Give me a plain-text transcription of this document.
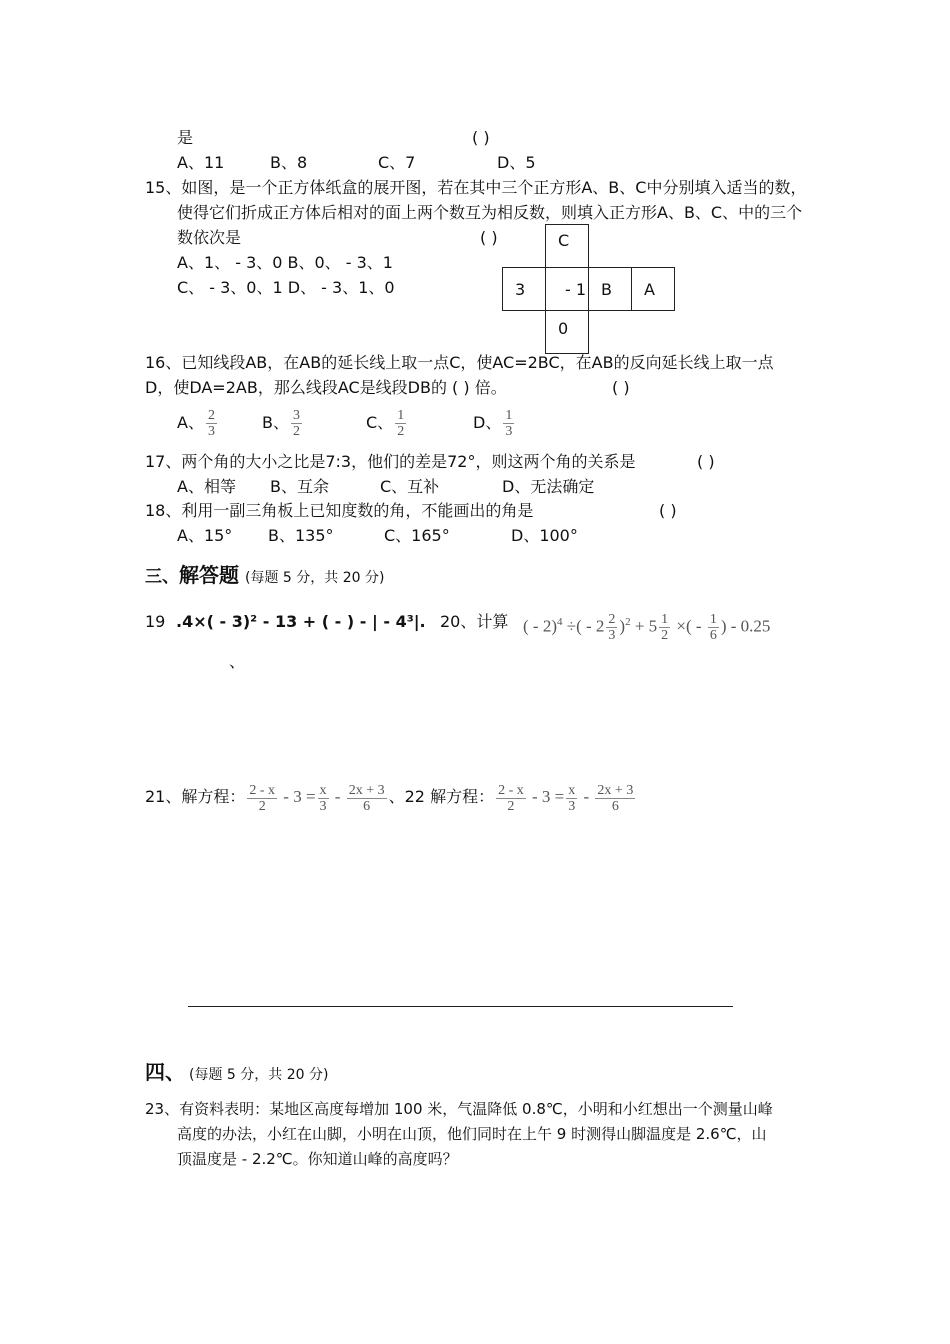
是	( )
A、11	B、8	C、7	D、5
15、如图，是一个正方体纸盒的展开图，若在其中三个正方形A、B、C中分别填入适当的数，
使得它们折成正方体后相对的面上两个数互为相反数，则填入正方形A、B、C、中的三个
数依次是	( )
A、1、 - 3、0 B、0、 - 3、1
C、 - 3、0、1 D、 - 3、1、0
C
3	- 1 B	A
0
16、已知线段AB，在AB的延长线上取一点C，使AC=2BC，在AB的反向延长线上取一点
D，使DA=2AB，那么线段AC是线段DB的 ( ) 倍。	( )
A、 $\frac{2}{3}$	B、 $\frac{3}{2}$	C、 $\frac{1}{2}$	D、 $\frac{1}{3}$
17、两个角的大小之比是7:3，他们的差是72°，则这两个角的关系是	( )
A、相等 B、互余	C、互补	D、无法确定
18、利用一副三角板上已知度数的角，不能画出的角是	( )
A、15° B、135°	C、165°	D、100°
三、解答题 (每题 5 分，共 20 分)
19 .4×( - 3)² - 13 + ( - ) - | - 4³|.
、
20、计算 ( - 2)$^4$ ÷( - $2 \frac{2}{3} )^2 + 5 \frac{1}{2}$ ×( - $\frac{1}{6}$ ) - 0.25
21、解方程： $\frac{2 - x}{2} - 3 = \frac{x}{3} - \frac{2x + 3}{6}$ 、22 解方程： $\frac{2 - x}{2} - 3 = \frac{x}{3} - \frac{2x + 3}{6}$
四、 (每题 5 分，共 20 分)
23、有资料表明：某地区高度每增加 100 米，气温降低 0.8℃，小明和小红想出一个测量山峰
高度的办法，小红在山脚，小明在山顶，他们同时在上午 9 时测得山脚温度是 2.6℃，山
顶温度是 - 2.2℃。你知道山峰的高度吗？
